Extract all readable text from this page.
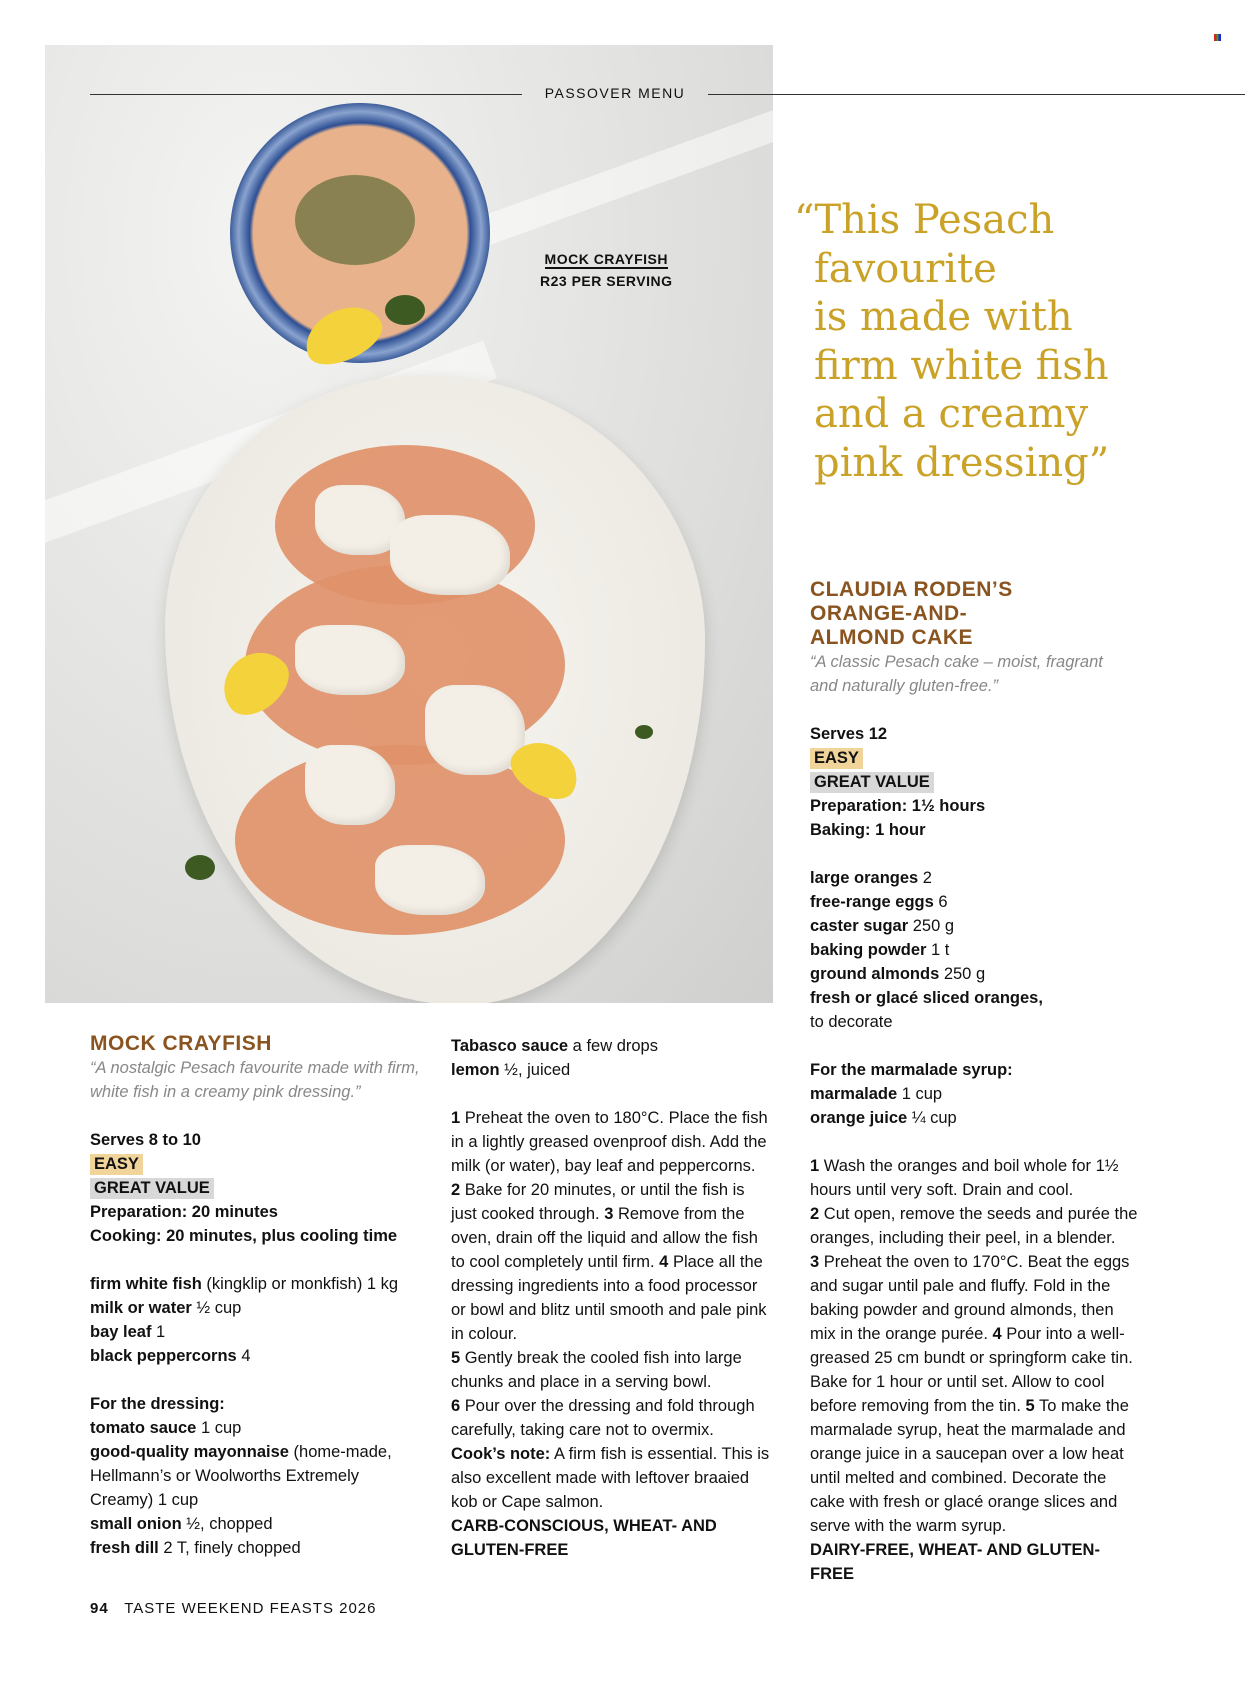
MOCK CRAYFISH
R23 PER SERVING
PASSOVER MENU
“This Pesach
favourite
is made with
firm white fish
and a creamy
pink dressing”
MOCK CRAYFISH
“A nostalgic Pesach favourite made with firm,
white fish in a creamy pink dressing.”
Serves 8 to 10
EASY
GREAT VALUE
Preparation: 20 minutes
Cooking: 20 minutes, plus cooling time
firm white fish (kingklip or monkfish) 1 kg
milk or water ½ cup
bay leaf 1
black peppercorns 4
For the dressing:
tomato sauce 1 cup
good-quality mayonnaise (home-made,
Hellmann’s or Woolworths Extremely
Creamy) 1 cup
small onion ½, chopped
fresh dill 2 T, finely chopped
Tabasco sauce a few drops
lemon ½, juiced
1 Preheat the oven to 180°C. Place the fish in a lightly greased ovenproof dish. Add the milk (or water), bay leaf and peppercorns.
2 Bake for 20 minutes, or until the fish is just cooked through. 3 Remove from the oven, drain off the liquid and allow the fish to cool completely until firm. 4 Place all the dressing ingredients into a food processor or bowl and blitz until smooth and pale pink in colour.
5 Gently break the cooled fish into large chunks and place in a serving bowl.
6 Pour over the dressing and fold through carefully, taking care not to overmix.
Cook’s note: A firm fish is essential. This is also excellent made with leftover braaied kob or Cape salmon.
CARB-CONSCIOUS, WHEAT- AND GLUTEN-FREE
CLAUDIA RODEN’S
ORANGE-AND-
ALMOND CAKE
“A classic Pesach cake – moist, fragrant
and naturally gluten-free.”
Serves 12
EASY
GREAT VALUE
Preparation: 1½ hours
Baking: 1 hour
large oranges 2
free-range eggs 6
caster sugar 250 g
baking powder 1 t
ground almonds 250 g
fresh or glacé sliced oranges,
to decorate
For the marmalade syrup:
marmalade 1 cup
orange juice ¼ cup
1 Wash the oranges and boil whole for 1½ hours until very soft. Drain and cool.
2 Cut open, remove the seeds and purée the oranges, including their peel, in a blender.
3 Preheat the oven to 170°C. Beat the eggs and sugar until pale and fluffy. Fold in the baking powder and ground almonds, then mix in the orange purée. 4 Pour into a well-greased 25 cm bundt or springform cake tin. Bake for 1 hour or until set. Allow to cool before removing from the tin. 5 To make the marmalade syrup, heat the marmalade and orange juice in a saucepan over a low heat until melted and combined. Decorate the cake with fresh or glacé orange slices and serve with the warm syrup.
DAIRY-FREE, WHEAT- AND GLUTEN-FREE
94 TASTE WEEKEND FEASTS 2026
